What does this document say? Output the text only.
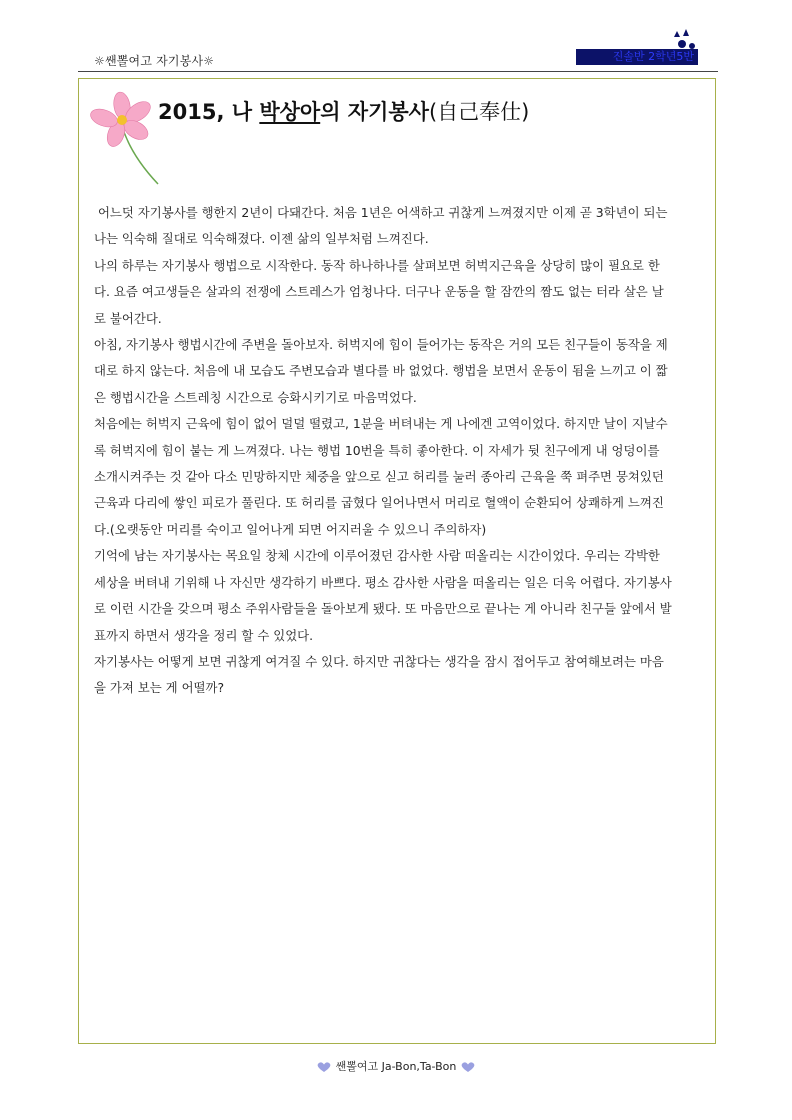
☼쌘뽈여고 자기봉사☼	진솔반 2학년5반
2015, 나 박상아의 자기봉사(自己奉仕)

어느덧 자기봉사를 행한지 2년이 다돼간다. 처음 1년은 어색하고 귀찮게 느껴졌지만 이제 곧 3학년이 되는 나는 익숙해 질대로 익숙해졌다. 이젠 삶의 일부처럼 느껴진다.

나의 하루는 자기봉사 행법으로 시작한다. 동작 하나하나를 살펴보면 허벅지근육을 상당히 많이 필요로 한다. 요즘 여고생들은 살과의 전쟁에 스트레스가 엄청나다. 더구나 운동을 할 잠깐의 짬도 없는 터라 살은 날로 불어간다.

아침, 자기봉사 행법시간에 주변을 돌아보자. 허벅지에 힘이 들어가는 동작은 거의 모든 친구들이 동작을 제대로 하지 않는다. 처음에 내 모습도 주변모습과 별다를 바 없었다. 행법을 보면서 운동이 됨을 느끼고 이 짧은 행법시간을 스트레칭 시간으로 승화시키기로 마음먹었다.

처음에는 허벅지 근육에 힘이 없어 덜덜 떨렸고, 1분을 버텨내는 게 나에겐 고역이었다. 하지만 날이 지날수록 허벅지에 힘이 붙는 게 느껴졌다. 나는 행법 10번을 특히 좋아한다. 이 자세가 뒷 친구에게 내 엉덩이를 소개시켜주는 것 같아 다소 민망하지만 체중을 앞으로 싣고 허리를 눌러 종아리 근육을 쭉 펴주면 뭉쳐있던 근육과 다리에 쌓인 피로가 풀린다. 또 허리를 굽혔다 일어나면서 머리로 혈액이 순환되어 상쾌하게 느껴진다.(오랫동안 머리를 숙이고 일어나게 되면 어지러울 수 있으니 주의하자)

기억에 남는 자기봉사는 목요일 창체 시간에 이루어졌던 감사한 사람 떠올리는 시간이었다. 우리는 각박한 세상을 버텨내 기위해 나 자신만 생각하기 바쁘다. 평소 감사한 사람을 떠올리는 일은 더욱 어렵다. 자기봉사로 이런 시간을 갖으며 평소 주위사람들을 돌아보게 됐다. 또 마음만으로 끝나는 게 아니라 친구들 앞에서 발표까지 하면서 생각을 정리 할 수 있었다.

자기봉사는 어떻게 보면 귀찮게 여겨질 수 있다. 하지만 귀찮다는 생각을 잠시 접어두고 참여해보려는 마음을 가져 보는 게 어떨까?

쌘뽈여고 Ja-Bon,Ta-Bon
